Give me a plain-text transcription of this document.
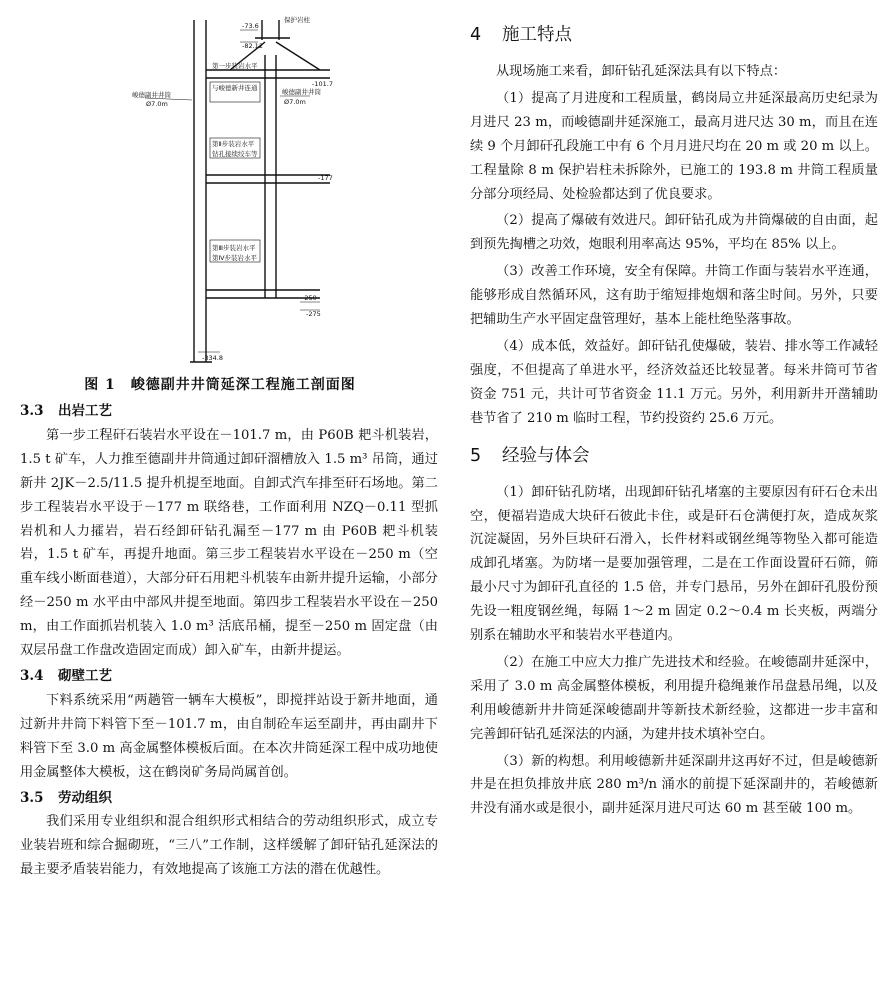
保护岩柱
-73.6
-82.12
第一步装岩水平
与峻德新井连通	-101.7
峻德副井井筒
Ø7.0m
峻德副井井筒
Ø7.0m
第Ⅱ步装岩水平
钻孔接续绞车等
-177
第Ⅲ步装岩水平
第Ⅳ步装岩水平
-250
-275
-334.8
图 1　峻德副井井筒延深工程施工剖面图
3.3 出岩工艺

第一步工程矸石装岩水平设在－101.7 m，由 P60B 耙斗机装岩，1.5 t 矿车，人力推至德副井井筒通过卸矸溜槽放入 1.5 m³ 吊筒，通过新井 2JK－2.5/11.5 提升机提至地面。自卸式汽车排至矸石场地。第二步工程装岩水平设于－177 m 联络巷，工作面利用 NZQ－0.11 型抓岩机和人力攉岩，岩石经卸矸钻孔漏至－177 m 由 P60B 耙斗机装岩，1.5 t 矿车，再提升地面。第三步工程装岩水平设在－250 m（空重车线小断面巷道），大部分矸石用耙斗机装车由新井提升运输，小部分经－250 m 水平由中部风井提至地面。第四步工程装岩水平设在－250 m，由工作面抓岩机装入 1.0 m³ 活底吊桶，提至－250 m 固定盘（由双层吊盘工作盘改造固定而成）卸入矿车，由新井提运。

3.4 砌壁工艺

下料系统采用“两趟管一辆车大模板”，即搅拌站设于新井地面，通过新井井筒下料管下至－101.7 m，由自制砼车运至副井，再由副井下料管下至 3.0 m 高金属整体模板后面。在本次井筒延深工程中成功地使用金属整体大模板，这在鹤岗矿务局尚属首创。

3.5 劳动组织

我们采用专业组织和混合组织形式相结合的劳动组织形式，成立专业装岩班和综合掘砌班，“三八”工作制，这样缓解了卸矸钻孔延深法的最主要矛盾装岩能力，有效地提高了该施工方法的潜在优越性。

4 施工特点

从现场施工来看，卸矸钻孔延深法具有以下特点：

（1）提高了月进度和工程质量，鹤岗局立井延深最高历史纪录为月进尺 23 m，而峻德副井延深施工，最高月进尺达 30 m，而且在连续 9 个月卸矸孔段施工中有 6 个月月进尺均在 20 m 或 20 m 以上。工程量除 8 m 保护岩柱未拆除外，已施工的 193.8 m 井筒工程质量分部分项经局、处检验都达到了优良要求。

（2）提高了爆破有效进尺。卸矸钻孔成为井筒爆破的自由面，起到预先掏槽之功效，炮眼利用率高达 95%，平均在 85% 以上。

（3）改善工作环境，安全有保障。井筒工作面与装岩水平连通，能够形成自然循环风，这有助于缩短排炮烟和落尘时间。另外，只要把辅助生产水平固定盘管理好，基本上能杜绝坠落事故。

（4）成本低，效益好。卸矸钻孔使爆破，装岩、排水等工作减轻强度，不但提高了单进水平，经济效益还比较显著。每米井筒可节省资金 751 元，共计可节省资金 11.1 万元。另外，利用新井开凿辅助巷节省了 210 m 临时工程，节约投资约 25.6 万元。

5 经验与体会

（1）卸矸钻孔防堵，出现卸矸钻孔堵塞的主要原因有矸石仓未出空，便福岩造成大块矸石彼此卡住，或是矸石仓满便打灰，造成灰浆沉淀凝固，另外巨块矸石滑入，长件材料或钢丝绳等物坠入都可能造成卸孔堵塞。为防堵一是要加强管理，二是在工作面设置矸石筛，筛最小尺寸为卸矸孔直径的 1.5 倍，并专门悬吊，另外在卸矸孔股份预先设一粗度钢丝绳，每隔 1～2 m 固定 0.2～0.4 m 长夹板，两端分别系在辅助水平和装岩水平巷道内。

（2）在施工中应大力推广先进技术和经验。在峻德副井延深中，采用了 3.0 m 高金属整体模板，利用提升稳绳兼作吊盘悬吊绳，以及利用峻德新井井筒延深峻德副井等新技术新经验，这都进一步丰富和完善卸矸钻孔延深法的内涵，为建井技术填补空白。

（3）新的构想。利用峻德新井延深副井这再好不过，但是峻德新井是在担负排放井底 280 m³/n 涌水的前提下延深副井的，若峻德新井没有涌水或是很小，副井延深月进尺可达 60 m 甚至破 100 m。
